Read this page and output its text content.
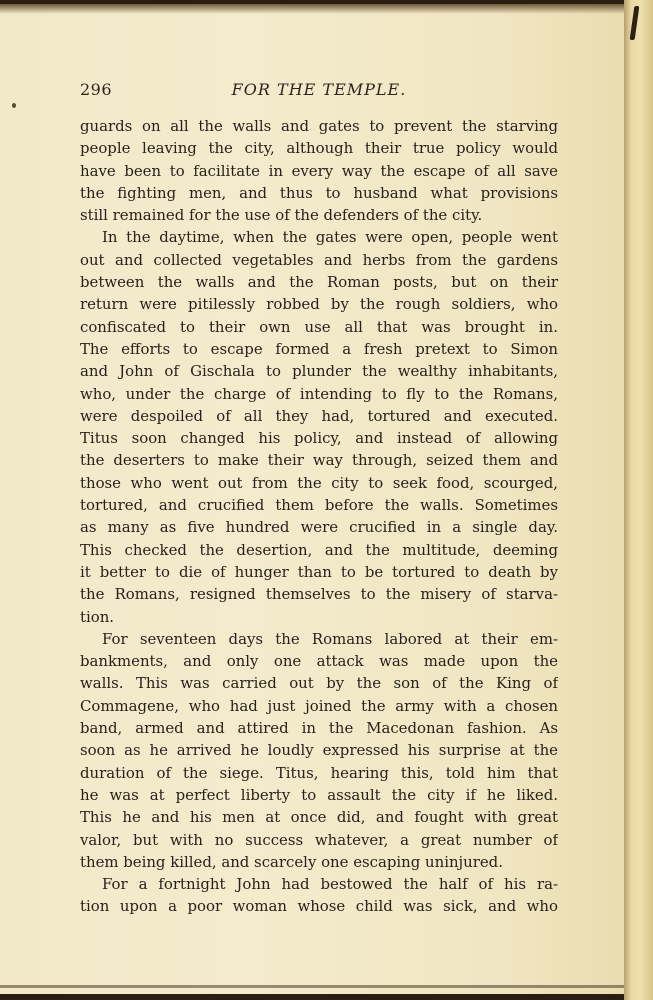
296	FOR THE TEMPLE.
guards on all the walls and gates to prevent the starving
people leaving the city, although their true policy would
have been to facilitate in every way the escape of all save
the fighting men, and thus to husband what provisions
still remained for the use of the defenders of the city.
In the daytime, when the gates were open, people went
out and collected vegetables and herbs from the gardens
between the walls and the Roman posts, but on their
return were pitilessly robbed by the rough soldiers, who
confiscated to their own use all that was brought in.
The efforts to escape formed a fresh pretext to Simon
and John of Gischala to plunder the wealthy inhabitants,
who, under the charge of intending to fly to the Romans,
were despoiled of all they had, tortured and executed.
Titus soon changed his policy, and instead of allowing
the deserters to make their way through, seized them and
those who went out from the city to seek food, scourged,
tortured, and crucified them before the walls. Sometimes
as many as five hundred were crucified in a single day.
This checked the desertion, and the multitude, deeming
it better to die of hunger than to be tortured to death by
the Romans, resigned themselves to the misery of starva-
tion.
For seventeen days the Romans labored at their em-
bankments, and only one attack was made upon the
walls. This was carried out by the son of the King of
Commagene, who had just joined the army with a chosen
band, armed and attired in the Macedonan fashion. As
soon as he arrived he loudly expressed his surprise at the
duration of the siege. Titus, hearing this, told him that
he was at perfect liberty to assault the city if he liked.
This he and his men at once did, and fought with great
valor, but with no success whatever, a great number of
them being killed, and scarcely one escaping uninjured.
For a fortnight John had bestowed the half of his ra-
tion upon a poor woman whose child was sick, and who
